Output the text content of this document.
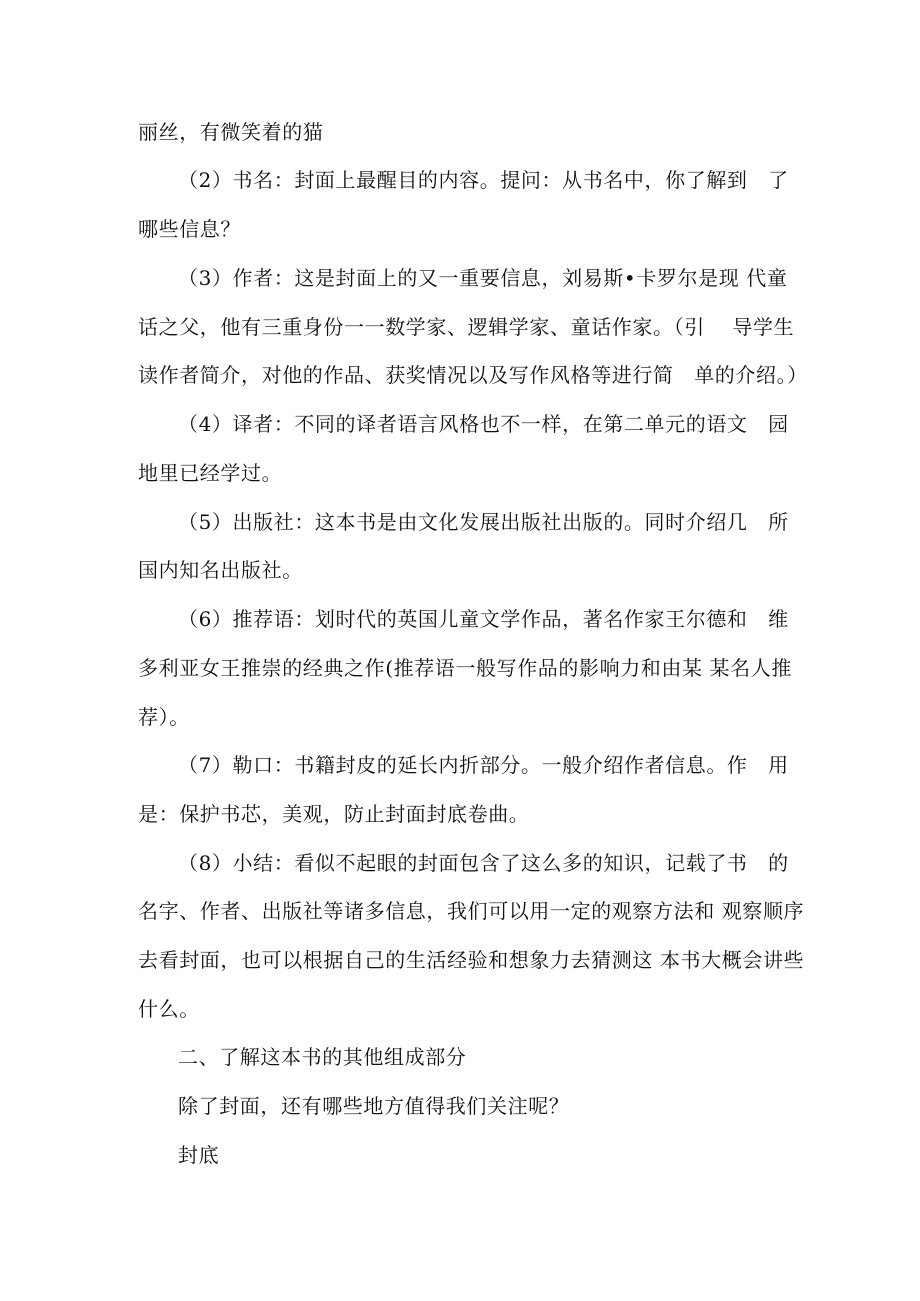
丽丝，有微笑着的猫
（2）书名：封面上最醒目的内容。提问：从书名中，你了解到　了
哪些信息？
（3）作者：这是封面上的又一重要信息，刘易斯•卡罗尔是现 代童
话之父，他有三重身份一一数学家、逻辑学家、童话作家。（引　 导学生
读作者简介，对他的作品、获奖情况以及写作风格等进行简　单的介绍。）
（4）译者：不同的译者语言风格也不一样，在第二单元的语文　园
地里已经学过。
（5）出版社：这本书是由文化发展出版社出版的。同时介绍几　所
国内知名出版社。
（6）推荐语：划时代的英国儿童文学作品，著名作家王尔德和　维
多利亚女王推崇的经典之作(推荐语一般写作品的影响力和由某 某名人推
荐）。
（7）勒口：书籍封皮的延长内折部分。一般介绍作者信息。作　用
是：保护书芯，美观，防止封面封底卷曲。
（8）小结：看似不起眼的封面包含了这么多的知识，记载了书　的
名字、作者、出版社等诸多信息，我们可以用一定的观察方法和 观察顺序
去看封面，也可以根据自己的生活经验和想象力去猜测这 本书大概会讲些
什么。
二、了解这本书的其他组成部分
除了封面，还有哪些地方值得我们关注呢？
封底
